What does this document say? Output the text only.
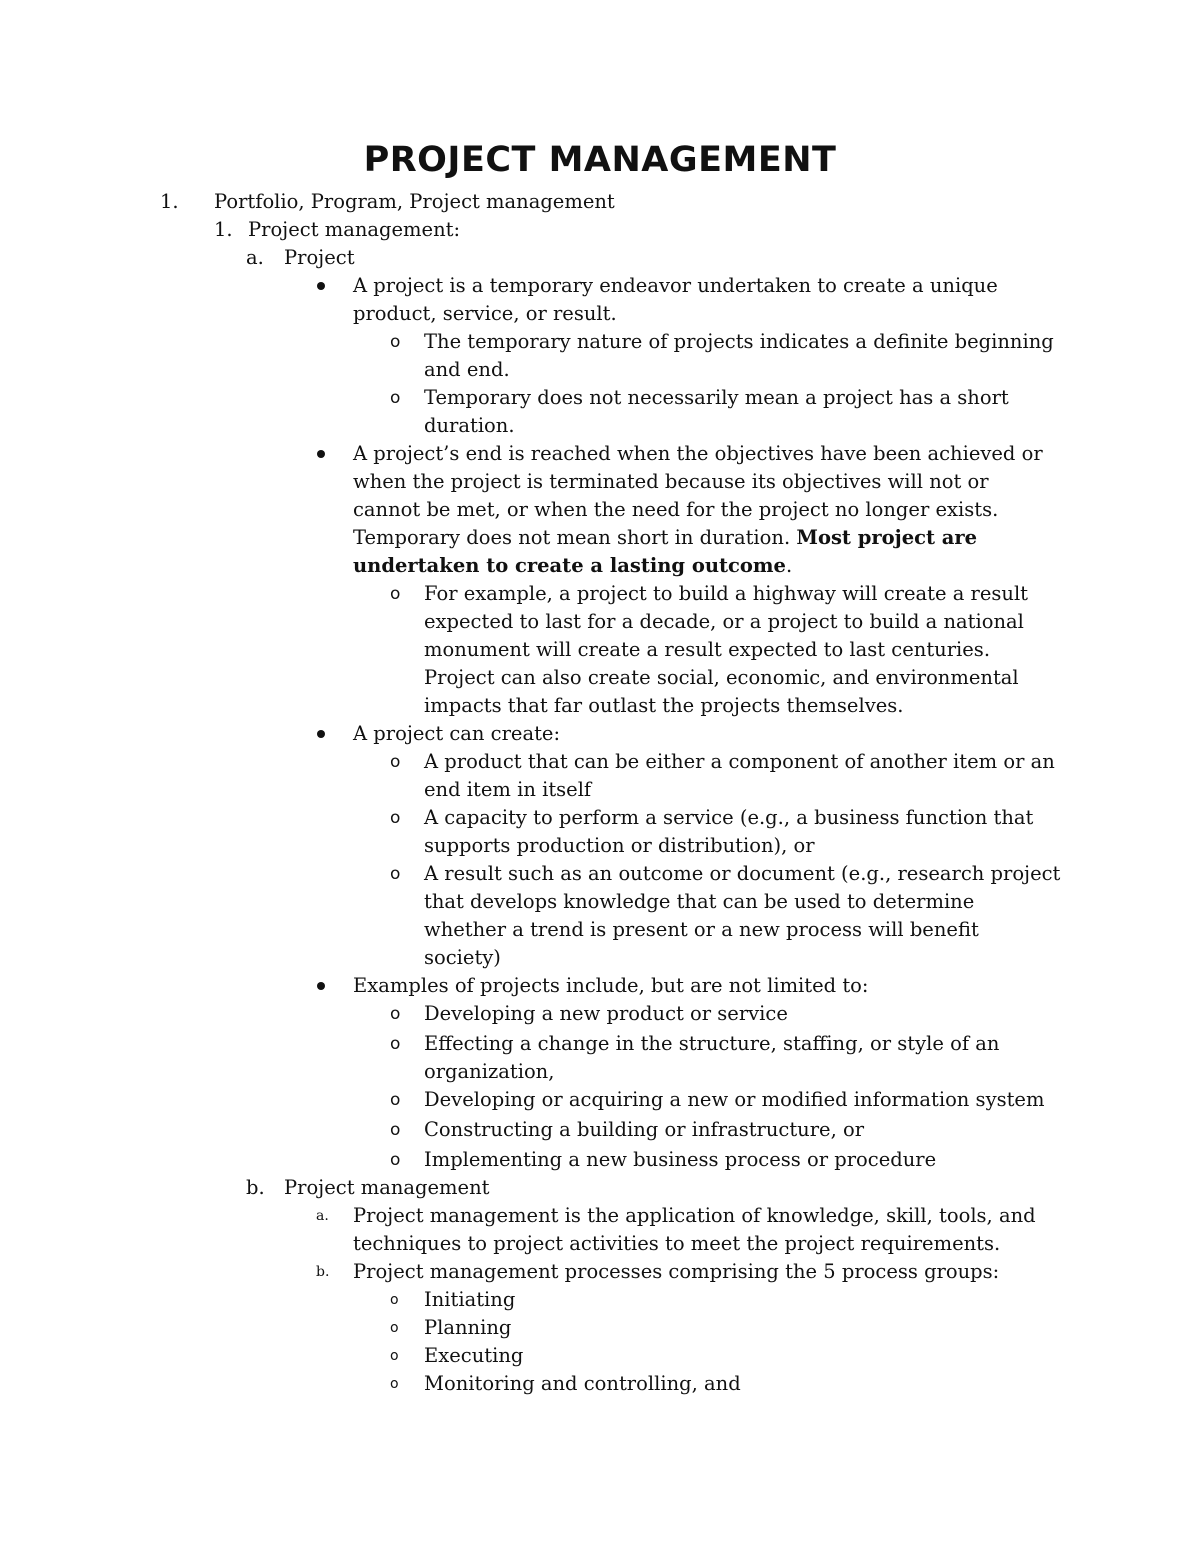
PROJECT MANAGEMENT
1. Portfolio, Program, Project management
1. Project management:
a. Project
A project is a temporary endeavor undertaken to create a unique
product, service, or result.
o The temporary nature of projects indicates a definite beginning
and end.
o Temporary does not necessarily mean a project has a short
duration.
A project’s end is reached when the objectives have been achieved or
when the project is terminated because its objectives will not or
cannot be met, or when the need for the project no longer exists.
Temporary does not mean short in duration. Most project are
undertaken to create a lasting outcome.
o For example, a project to build a highway will create a result
expected to last for a decade, or a project to build a national
monument will create a result expected to last centuries.
Project can also create social, economic, and environmental
impacts that far outlast the projects themselves.
A project can create:
o A product that can be either a component of another item or an
end item in itself
o A capacity to perform a service (e.g., a business function that
supports production or distribution), or
o A result such as an outcome or document (e.g., research project
that develops knowledge that can be used to determine
whether a trend is present or a new process will benefit
society)
Examples of projects include, but are not limited to:
o Developing a new product or service
o Effecting a change in the structure, staffing, or style of an
organization,
o Developing or acquiring a new or modified information system
o Constructing a building or infrastructure, or
o Implementing a new business process or procedure
b. Project management
a. Project management is the application of knowledge, skill, tools, and
techniques to project activities to meet the project requirements.
b. Project management processes comprising the 5 process groups:
o Initiating
o Planning
o Executing
o Monitoring and controlling, and
